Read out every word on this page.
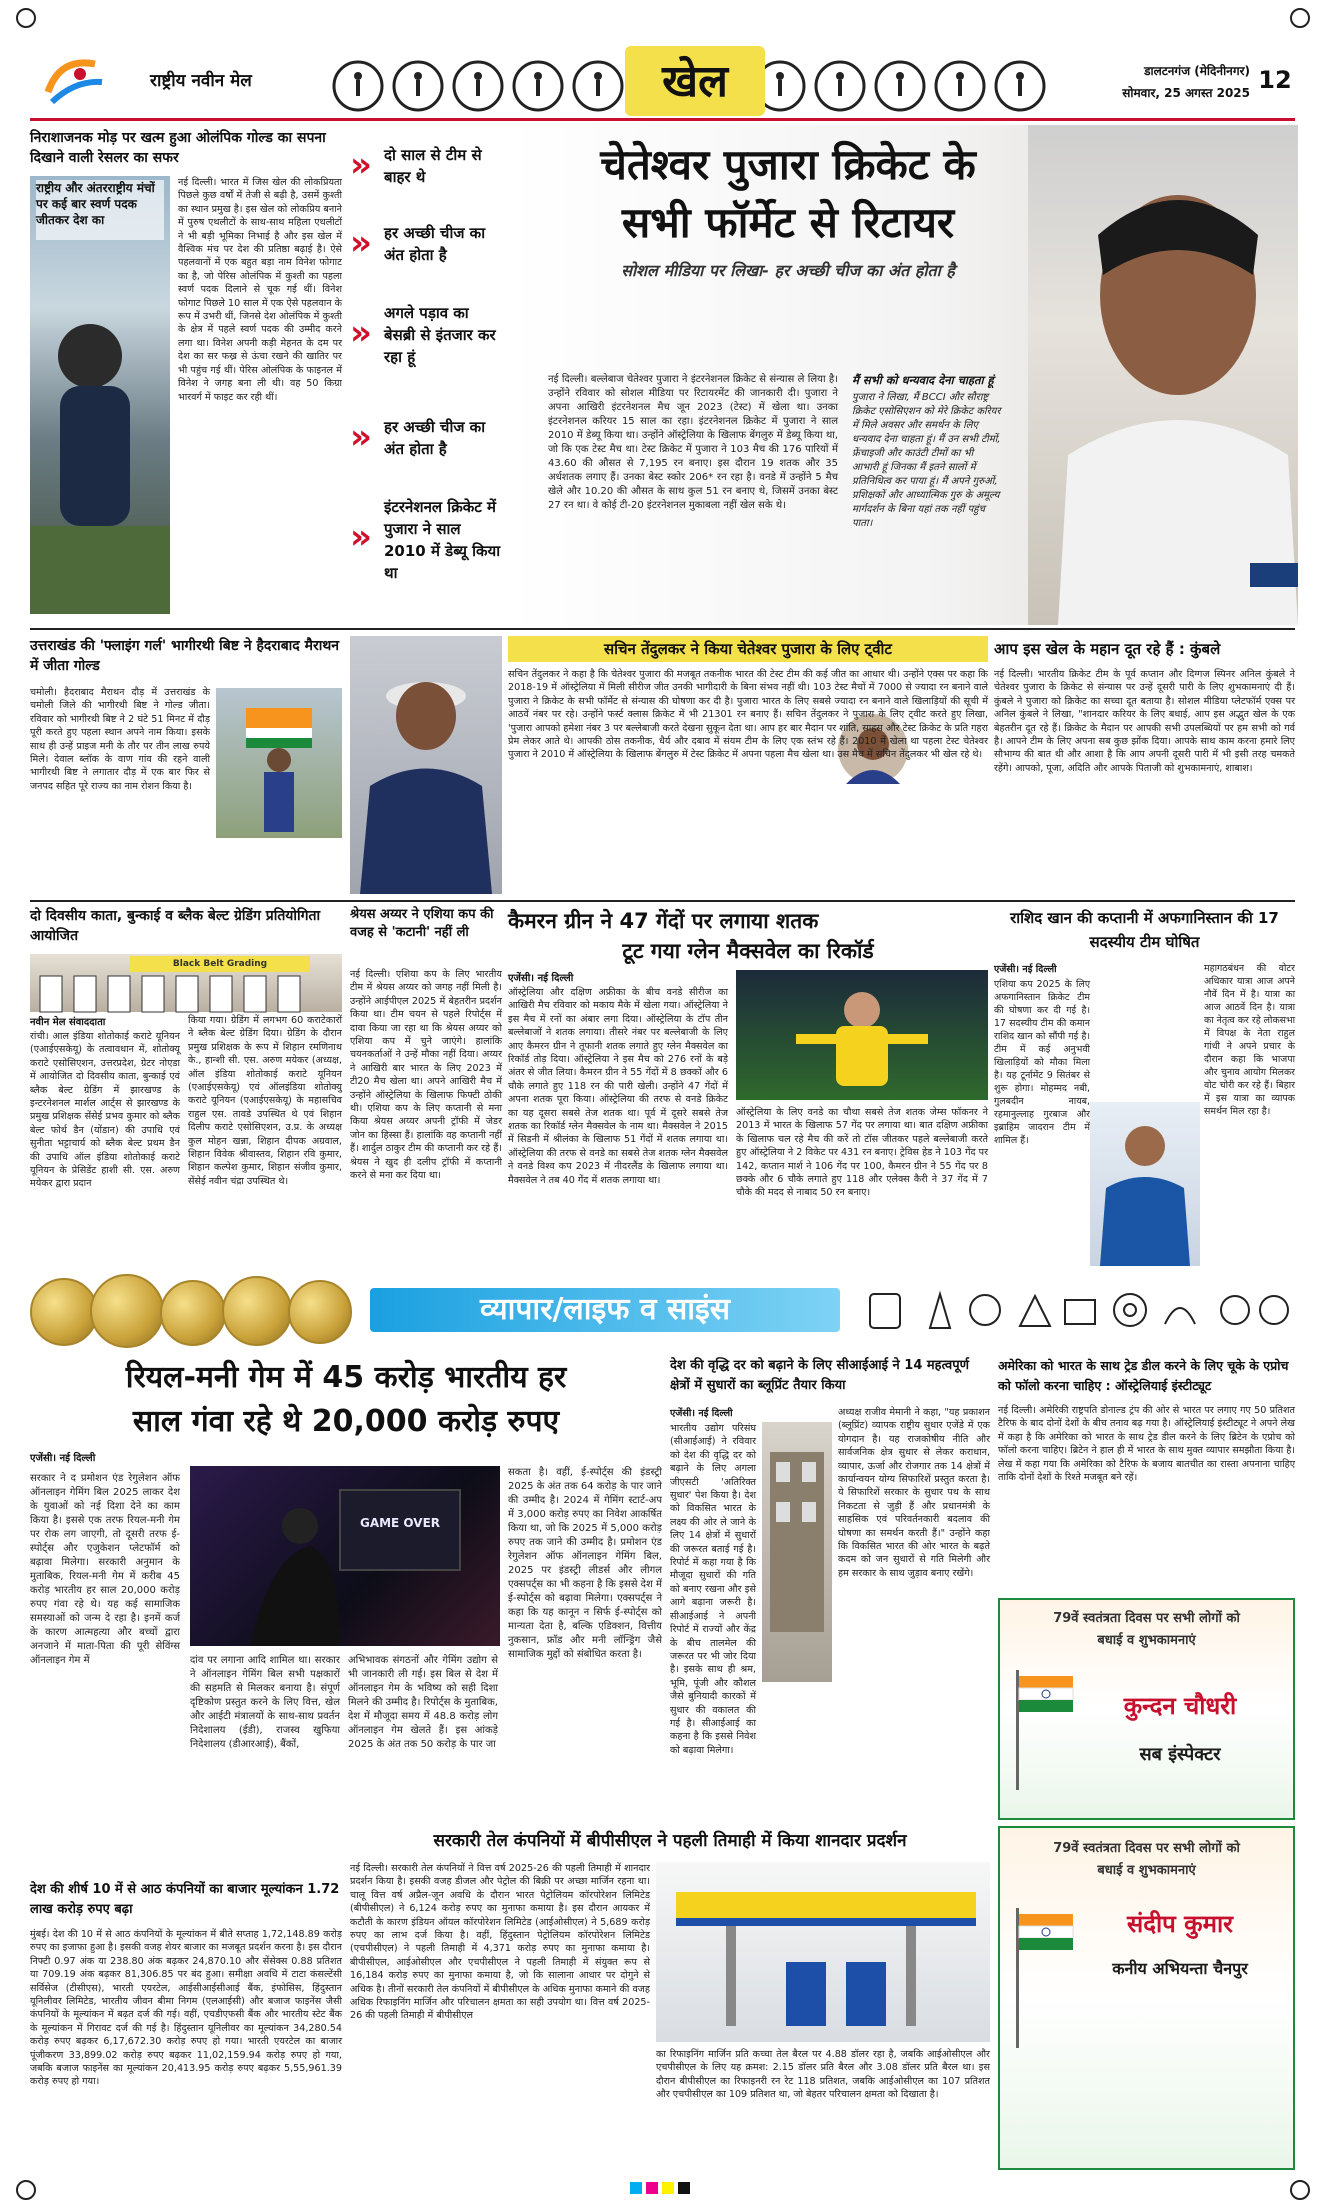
राष्ट्रीय नवीन मेल	खेल	डालटनगंज (मेदिनीनगर)
सोमवार, 25 अगस्त 2025 12
निराशाजनक मोड़ पर खत्म हुआ ओलंपिक गोल्ड का सपना दिखाने वाली रेसलर का सफर
राष्ट्रीय और अंतरराष्ट्रीय मंचों पर कई बार स्वर्ण पदक जीतकर देश का
नई दिल्ली। भारत में जिस खेल की लोकप्रियता पिछले कुछ वर्षों में तेजी से बढ़ी है, उसमें कुश्ती का स्थान प्रमुख है। इस खेल को लोकप्रिय बनाने में पुरुष एथलीटों के साथ-साथ महिला एथलीटों ने भी बड़ी भूमिका निभाई है और इस खेल में वैश्विक मंच पर देश की प्रतिष्ठा बढ़ाई है। ऐसे पहलवानों में एक बहुत बड़ा नाम विनेश फोगाट का है, जो पेरिस ओलंपिक में कुश्ती का पहला स्वर्ण पदक दिलाने से चूक गई थीं। विनेश फोगाट पिछले 10 साल में एक ऐसे पहलवान के रूप में उभरी थीं, जिनसे देश ओलंपिक में कुश्ती के क्षेत्र में पहले स्वर्ण पदक की उम्मीद करने लगा था। विनेश अपनी कड़ी मेहनत के दम पर देश का सर फख्र से ऊंचा रखने की खातिर पर भी पहुंच गई थीं। पेरिस ओलंपिक के फाइनल में विनेश ने जगह बना ली थी। वह 50 किग्रा भारवर्ग में फाइट कर रही थीं।
» दो साल से टीम से बाहर थे
» हर अच्छी चीज का अंत होता है
» अगले पड़ाव का बेसब्री से इंतजार कर रहा हूं
» हर अच्छी चीज का अंत होता है
»
इंटरनेशनल क्रिकेट में पुजारा ने साल 2010 में डेब्यू किया था
चेतेश्वर पुजारा क्रिकेट के
सभी फॉर्मेट से रिटायर
सोशल मीडिया पर लिखा- हर अच्छी चीज का अंत होता है
नई दिल्ली। बल्लेबाज चेतेश्वर पुजारा ने इंटरनेशनल क्रिकेट से संन्यास ले लिया है। उन्होंने रविवार को सोशल मीडिया पर रिटायरमेंट की जानकारी दी। पुजारा ने अपना आखिरी इंटरनेशनल मैच जून 2023 (टेस्ट) में खेला था। उनका इंटरनेशनल करियर 15 साल का रहा। इंटरनेशनल क्रिकेट में पुजारा ने साल 2010 में डेब्यू किया था। उन्होंने ऑस्ट्रेलिया के खिलाफ बेंगलुरु में डेब्यू किया था, जो कि एक टेस्ट मैच था। टेस्ट क्रिकेट में पुजारा ने 103 मैच की 176 पारियों में 43.60 की औसत से 7,195 रन बनाए। इस दौरान 19 शतक और 35 अर्धशतक लगाए हैं। उनका बेस्ट स्कोर 206* रन रहा है। वनडे में उन्होंने 5 मैच खेले और 10.20 की औसत के साथ कुल 51 रन बनाए थे, जिसमें उनका बेस्ट 27 रन था। वे कोई टी-20 इंटरनेशनल मुकाबला नहीं खेल सके थे।
मैं सभी को धन्यवाद देना चाहता हूं
पुजारा ने लिखा, मैं BCCI और सौराष्ट्र क्रिकेट एसोसिएशन को मेरे क्रिकेट करियर में मिले अवसर और समर्थन के लिए धन्यवाद देना चाहता हूं। मैं उन सभी टीमों, फ्रेंचाइजी और काउंटी टीमों का भी आभारी हूं जिनका मैं इतने सालों में प्रतिनिधित्व कर पाया हूं। मैं अपने गुरुओं, प्रशिक्षकों और आध्यात्मिक गुरु के अमूल्य मार्गदर्शन के बिना यहां तक नहीं पहुंच पाता।
उत्तराखंड की 'फ्लाइंग गर्ल' भागीरथी बिष्ट ने हैदराबाद मैराथन में जीता गोल्ड
चमोली। हैदराबाद मैराथन दौड़ में उत्तराखंड के चमोली जिले की भागीरथी बिष्ट ने गोल्ड जीता। रविवार को भागीरथी बिष्ट ने 2 घंटे 51 मिनट में दौड़ पूरी करते हुए पहला स्थान अपने नाम किया। इसके साथ ही उन्हें प्राइज मनी के तौर पर तीन लाख रुपये मिले। देवाल ब्लॉक के वाण गांव की रहने वाली भागीरथी बिष्ट ने लगातार दौड़ में एक बार फिर से जनपद सहित पूरे राज्य का नाम रोशन किया है।
सचिन तेंदुलकर ने किया चेतेश्वर पुजारा के लिए ट्वीट
सचिन तेंदुलकर ने कहा है कि चेतेश्वर पुजारा की मजबूत तकनीक भारत की टेस्ट टीम की कई जीत का आधार थी। उन्होंने एक्स पर कहा कि 2018-19 में ऑस्ट्रेलिया में मिली सीरीज जीत उनकी भागीदारी के बिना संभव नहीं थी। 103 टेस्ट मैचों में 7000 से ज्यादा रन बनाने वाले पुजारा ने क्रिकेट के सभी फॉर्मेट से संन्यास की घोषणा कर दी है। पुजारा भारत के लिए सबसे ज्यादा रन बनाने वाले खिलाड़ियों की सूची में आठवें नंबर पर रहे। उन्होंने फर्स्ट क्लास क्रिकेट में भी 21301 रन बनाए हैं। सचिन तेंदुलकर ने पुजारा के लिए ट्वीट करते हुए लिखा, 'पुजारा आपको हमेशा नंबर 3 पर बल्लेबाजी करते देखना सुकून देता था। आप हर बार मैदान पर शांति, साहस और टेस्ट क्रिकेट के प्रति गहरा प्रेम लेकर आते थे। आपकी ठोस तकनीक, धैर्य और दबाव में संयम टीम के लिए एक स्तंभ रहे हैं। 2010 में खेला था पहला टेस्ट चेतेश्वर पुजारा ने 2010 में ऑस्ट्रेलिया के खिलाफ बेंगलुरु में टेस्ट क्रिकेट में अपना पहला मैच खेला था। उस मैच में सचिन तेंदुलकर भी खेल रहे थे।
आप इस खेल के महान दूत रहे हैं : कुंबले
नई दिल्ली। भारतीय क्रिकेट टीम के पूर्व कप्तान और दिग्गज स्पिनर अनिल कुंबले ने चेतेश्वर पुजारा के क्रिकेट से संन्यास पर उन्हें दूसरी पारी के लिए शुभकामनाएं दी हैं। कुंबले ने पुजारा को क्रिकेट का सच्चा दूत बताया है। सोशल मीडिया प्लेटफॉर्म एक्स पर अनिल कुंबले ने लिखा, "शानदार करियर के लिए बधाई, आप इस अद्भुत खेल के एक बेहतरीन दूत रहे हैं। क्रिकेट के मैदान पर आपकी सभी उपलब्धियों पर हम सभी को गर्व है। आपने टीम के लिए अपना सब कुछ झोंक दिया। आपके साथ काम करना हमारे लिए सौभाग्य की बात थी और आशा है कि आप अपनी दूसरी पारी में भी इसी तरह चमकते रहेंगे। आपको, पूजा, अदिति और आपके पिताजी को शुभकामनाएं, शाबाश।
दो दिवसीय काता, बुन्काई व ब्लैक बेल्ट ग्रेडिंग प्रतियोगिता आयोजित
Black Belt Grading
नवीन मेल संवाददाता
रांची। आल इंडिया शोतोकाई कराटे यूनियन (एआईएसकेयू) के तत्वावधान में, शोतोक्यू कराटे एसोसिएशन, उत्तरप्रदेश, ग्रेटर नोएडा में आयोजित दो दिवसीय काता, बुन्काई एवं ब्लैक बेल्ट ग्रेडिंग में झारखण्ड के इन्टरनेशनल मार्शल आर्ट्स से झारखण्ड के प्रमुख प्रशिक्षक सेंसेई प्रभव कुमार को ब्लैक बेल्ट फोर्थ डैन (योंडान) की उपाधि एवं सुनीता भट्टाचार्य को ब्लैक बेल्ट प्रथम डैन की उपाधि ऑल इंडिया शोतोकाई कराटे यूनियन के प्रेसिडेंट हाशी सी. एस. अरुण मयेकर द्वारा प्रदान
किया गया। ग्रेडिंग में लगभग 60 कराटेकारों ने ब्लैक बेल्ट ग्रेडिंग दिया। ग्रेडिंग के दौरान प्रमुख प्रशिक्षक के रूप में शिहान रमणिनाथ के., हान्शी सी. एस. अरुण मयेकर (अध्यक्ष, ऑल इंडिया शोतोकाई कराटे यूनियन (एआईएसकेयू) एवं ऑलइंडिया शोतोक्यु कराटे यूनियन (एआईएसकेयू) के महासचिव राहुल एस. तावडे उपस्थित थे एवं शिहान दिलीप कराटे एसोसिएशन, उ.प्र. के अध्यक्ष कुल मोहन खन्ना, शिहान दीपक अग्रवाल, शिहान विवेक श्रीवास्तव, शिहान रवि कुमार, शिहान कल्पेश कुमार, शिहान संजीव कुमार, सेंसेई नवीन चंद्रा उपस्थित थे।
श्रेयस अय्यर ने एशिया कप की वजह से 'कटानी' नहीं ली
नई दिल्ली। एशिया कप के लिए भारतीय टीम में श्रेयस अय्यर को जगह नहीं मिली है। उन्होंने आईपीएल 2025 में बेहतरीन प्रदर्शन किया था। टीम चयन से पहले रिपोर्ट्स में दावा किया जा रहा था कि श्रेयस अय्यर को एशिया कप में चुने जाएंगे। हालांकि चयनकर्ताओं ने उन्हें मौका नहीं दिया। अय्यर ने आखिरी बार भारत के लिए 2023 में टी20 मैच खेला था। अपने आखिरी मैच में उन्होंने ऑस्ट्रेलिया के खिलाफ फिफ्टी ठोकी थी। एशिया कप के लिए कप्तानी से मना किया श्रेयस अय्यर अपनी ट्रॉफी में जेडर जोन का हिस्सा हैं। हालांकि वह कप्तानी नहीं हैं। शार्दुल ठाकुर टीम की कप्तानी कर रहे हैं। श्रेयस ने खुद ही दलीप ट्रॉफी में कप्तानी करने से मना कर दिया था।
कैमरन ग्रीन ने 47 गेंदों पर लगाया शतक
टूट गया ग्लेन मैक्सवेल का रिकॉर्ड
एजेंसी। नई दिल्ली
ऑस्ट्रेलिया और दक्षिण अफ्रीका के बीच वनडे सीरीज का आखिरी मैच रविवार को मकाय मैके में खेला गया। ऑस्ट्रेलिया ने इस मैच में रनों का अंबार लगा दिया। ऑस्ट्रेलिया के टॉप तीन बल्लेबाजों ने शतक लगाया। तीसरे नंबर पर बल्लेबाजी के लिए आए कैमरन ग्रीन ने तूफानी शतक लगाते हुए ग्लेन मैक्सवेल का रिकॉर्ड तोड़ दिया। ऑस्ट्रेलिया ने इस मैच को 276 रनों के बड़े अंतर से जीत लिया। कैमरन ग्रीन ने 55 गेंदों में 8 छक्कों और 6 चौके लगाते हुए 118 रन की पारी खेली। उन्होंने 47 गेंदों में अपना शतक पूरा किया। ऑस्ट्रेलिया की तरफ से वनडे क्रिकेट का यह दूसरा सबसे तेज शतक था। पूर्व में दूसरे सबसे तेज शतक का रिकॉर्ड ग्लेन मैक्सवेल के नाम था। मैक्सवेल ने 2015 में सिडनी में श्रीलंका के खिलाफ 51 गेंदों में शतक लगाया था। ऑस्ट्रेलिया की तरफ से वनडे का सबसे तेज शतक ग्लेन मैक्सवेल ने वनडे विश्व कप 2023 में नीदरलैंड के खिलाफ लगाया था। मैक्सवेल ने तब 40 गेंद में शतक लगाया था।
ऑस्ट्रेलिया के लिए वनडे का चौथा सबसे तेज शतक जेम्स फॉकनर ने 2013 में भारत के खिलाफ 57 गेंद पर लगाया था। बात दक्षिण अफ्रीका के खिलाफ चल रहे मैच की करें तो टॉस जीतकर पहले बल्लेबाजी करते हुए ऑस्ट्रेलिया ने 2 विकेट पर 431 रन बनाए। ट्रेविस हेड ने 103 गेंद पर 142, कप्तान मार्श ने 106 गेंद पर 100, कैमरन ग्रीन ने 55 गेंद पर 8 छक्के और 6 चौके लगाते हुए 118 और एलेक्स कैरी ने 37 गेंद में 7 चौके की मदद से नाबाद 50 रन बनाए।
राशिद खान की कप्तानी में अफगानिस्तान की 17 सदस्यीय टीम घोषित
एजेंसी। नई दिल्ली
एशिया कप 2025 के लिए अफगानिस्तान क्रिकेट टीम की घोषणा कर दी गई है। 17 सदस्यीय टीम की कमान राशिद खान को सौंपी गई है। टीम में कई अनुभवी खिलाड़ियों को मौका मिला है। यह टूर्नामेंट 9 सितंबर से शुरू होगा। मोहम्मद नबी, गुलबदीन नायब, रहमानुल्लाह गुरबाज और इब्राहिम जादरान टीम में शामिल हैं।
महागठबंधन की वोटर अधिकार यात्रा आज अपने नौवें दिन में है। यात्रा का आज आठवें दिन है। यात्रा का नेतृत्व कर रहे लोकसभा में विपक्ष के नेता राहुल गांधी ने अपने प्रचार के दौरान कहा कि भाजपा और चुनाव आयोग मिलकर वोट चोरी कर रहे हैं। बिहार में इस यात्रा का व्यापक समर्थन मिल रहा है।
व्यापार/लाइफ व साइंस
रियल-मनी गेम में 45 करोड़ भारतीय हर
साल गंवा रहे थे 20,000 करोड़ रुपए
एजेंसी। नई दिल्ली
सरकार ने द प्रमोशन एंड रेगुलेशन ऑफ ऑनलाइन गेमिंग बिल 2025 लाकर देश के युवाओं को नई दिशा देने का काम किया है। इससे एक तरफ रियल-मनी गेम पर रोक लग जाएगी, तो दूसरी तरफ ई-स्पोर्ट्स और एजुकेशन प्लेटफॉर्म को बढ़ावा मिलेगा। सरकारी अनुमान के मुताबिक, रियल-मनी गेम में करीब 45 करोड़ भारतीय हर साल 20,000 करोड़ रुपए गंवा रहे थे। यह कई सामाजिक समस्याओं को जन्म दे रहा है। इनमें कर्ज के कारण आत्महत्या और बच्चों द्वारा अनजाने में माता-पिता की पूरी सेविंग्स ऑनलाइन गेम में
GAME OVER
दांव पर लगाना आदि शामिल था। सरकार ने ऑनलाइन गेमिंग बिल सभी पक्षकारों की सहमति से मिलकर बनाया है। संपूर्ण दृष्टिकोण प्रस्तुत करने के लिए वित्त, खेल और आईटी मंत्रालयों के साथ-साथ प्रवर्तन निदेशालय (ईडी), राजस्व खुफिया निदेशालय (डीआरआई), बैंकों,
अभिभावक संगठनों और गेमिंग उद्योग से भी जानकारी ली गई। इस बिल से देश में ऑनलाइन गेम के भविष्य को सही दिशा मिलने की उम्मीद है। रिपोर्ट्स के मुताबिक, देश में मौजूदा समय में 48.8 करोड़ लोग ऑनलाइन गेम खेलते हैं। इस आंकड़े 2025 के अंत तक 50 करोड़ के पार जा
सकता है। वहीं, ई-स्पोर्ट्स की इंडस्ट्री 2025 के अंत तक 64 करोड़ के पार जाने की उम्मीद है। 2024 में गेमिंग स्टार्ट-अप में 3,000 करोड़ रुपए का निवेश आकर्षित किया था, जो कि 2025 में 5,000 करोड़ रुपए तक जाने की उम्मीद है। प्रमोशन एंड रेगुलेशन ऑफ ऑनलाइन गेमिंग बिल, 2025 पर इंडस्ट्री लीडर्स और लीगल एक्सपर्ट्स का भी कहना है कि इससे देश में ई-स्पोर्ट्स को बढ़ावा मिलेगा। एक्सपर्ट्स ने कहा कि यह कानून न सिर्फ ई-स्पोर्ट्स को मान्यता देता है, बल्कि एडिक्शन, वित्तीय नुकसान, फ्रॉड और मनी लॉन्ड्रिंग जैसे सामाजिक मुद्दों को संबोधित करता है।
देश की वृद्धि दर को बढ़ाने के लिए सीआईआई ने 14 महत्वपूर्ण क्षेत्रों में सुधारों का ब्लूप्रिंट तैयार किया
एजेंसी। नई दिल्ली
भारतीय उद्योग परिसंघ (सीआईआई) ने रविवार को देश की वृद्धि दर को बढ़ाने के लिए अगला जीएसटी 'अतिरिक्त सुधार' पेश किया है। देश को विकसित भारत के लक्ष्य की ओर ले जाने के लिए 14 क्षेत्रों में सुधारों की जरूरत बताई गई है। रिपोर्ट में कहा गया है कि मौजूदा सुधारों की गति को बनाए रखना और इसे आगे बढ़ाना जरूरी है। सीआईआई ने अपनी रिपोर्ट में राज्यों और केंद्र के बीच तालमेल की जरूरत पर भी जोर दिया है। इसके साथ ही श्रम, भूमि, पूंजी और कौशल जैसे बुनियादी कारकों में सुधार की वकालत की गई है। सीआईआई का कहना है कि इससे निवेश को बढ़ावा मिलेगा।
अध्यक्ष राजीव मेमानी ने कहा, "यह प्रकाशन (ब्लूप्रिंट) व्यापक राष्ट्रीय सुधार एजेंडे में एक योगदान है। यह राजकोषीय नीति और सार्वजनिक क्षेत्र सुधार से लेकर कराधान, व्यापार, ऊर्जा और रोजगार तक 14 क्षेत्रों में कार्यान्वयन योग्य सिफारिशें प्रस्तुत करता है। ये सिफारिशें सरकार के सुधार पथ के साथ निकटता से जुड़ी हैं और प्रधानमंत्री के साहसिक एवं परिवर्तनकारी बदलाव की घोषणा का समर्थन करती हैं।" उन्होंने कहा कि विकसित भारत की ओर भारत के बढ़ते कदम को जन सुधारों से गति मिलेगी और हम सरकार के साथ जुड़ाव बनाए रखेंगे।
अमेरिका को भारत के साथ ट्रेड डील करने के लिए चूके के एप्रोच को फॉलो करना चाहिए : ऑस्ट्रेलियाई इंस्टीट्यूट
नई दिल्ली। अमेरिकी राष्ट्रपति डोनाल्ड ट्रंप की ओर से भारत पर लगाए गए 50 प्रतिशत टैरिफ के बाद दोनों देशों के बीच तनाव बढ़ गया है। ऑस्ट्रेलियाई इंस्टीट्यूट ने अपने लेख में कहा है कि अमेरिका को भारत के साथ ट्रेड डील करने के लिए ब्रिटेन के एप्रोच को फॉलो करना चाहिए। ब्रिटेन ने हाल ही में भारत के साथ मुक्त व्यापार समझौता किया है। लेख में कहा गया कि अमेरिका को टैरिफ के बजाय बातचीत का रास्ता अपनाना चाहिए ताकि दोनों देशों के रिश्ते मजबूत बने रहें।
79वें स्वतंत्रता दिवस पर सभी लोगों को
बधाई व शुभकामनाएं
कुन्दन चौधरी
सब इंस्पेक्टर
देश की शीर्ष 10 में से आठ कंपनियों का बाजार मूल्यांकन 1.72 लाख करोड़ रुपए बढ़ा
मुंबई। देश की 10 में से आठ कंपनियों के मूल्यांकन में बीते सप्ताह 1,72,148.89 करोड़ रुपए का इजाफा हुआ है। इसकी वजह शेयर बाजार का मजबूत प्रदर्शन करना है। इस दौरान निफ्टी 0.97 अंक या 238.80 अंक बढ़कर 24,870.10 और सेंसेक्स 0.88 प्रतिशत या 709.19 अंक बढ़कर 81,306.85 पर बंद हुआ। समीक्षा अवधि में टाटा कंसल्टेंसी सर्विसेज (टीसीएस), भारती एयरटेल, आईसीआईसीआई बैंक, इंफोसिस, हिंदुस्तान यूनिलीवर लिमिटेड, भारतीय जीवन बीमा निगम (एलआईसी) और बजाज फाइनेंस जैसी कंपनियों के मूल्यांकन में बढ़त दर्ज की गई। वहीं, एचडीएफसी बैंक और भारतीय स्टेट बैंक के मूल्यांकन में गिरावट दर्ज की गई है। हिंदुस्तान यूनिलीवर का मूल्यांकन 34,280.54 करोड़ रुपए बढ़कर 6,17,672.30 करोड़ रुपए हो गया। भारती एयरटेल का बाजार पूंजीकरण 33,899.02 करोड़ रुपए बढ़कर 11,02,159.94 करोड़ रुपए हो गया, जबकि बजाज फाइनेंस का मूल्यांकन 20,413.95 करोड़ रुपए बढ़कर 5,55,961.39 करोड़ रुपए हो गया।
सरकारी तेल कंपनियों में बीपीसीएल ने पहली तिमाही में किया शानदार प्रदर्शन
नई दिल्ली। सरकारी तेल कंपनियों ने वित्त वर्ष 2025-26 की पहली तिमाही में शानदार प्रदर्शन किया है। इसकी वजह डीजल और पेट्रोल की बिक्री पर अच्छा मार्जिन रहना था। चालू वित्त वर्ष अप्रैल-जून अवधि के दौरान भारत पेट्रोलियम कॉरपोरेशन लिमिटेड (बीपीसीएल) ने 6,124 करोड़ रुपए का मुनाफा कमाया है। इस दौरान आयकर में कटौती के कारण इंडियन ऑयल कॉरपोरेशन लिमिटेड (आईओसीएल) ने 5,689 करोड़ रुपए का लाभ दर्ज किया है। वहीं, हिंदुस्तान पेट्रोलियम कॉरपोरेशन लिमिटेड (एचपीसीएल) ने पहली तिमाही में 4,371 करोड़ रुपए का मुनाफा कमाया है। बीपीसीएल, आईओसीएल और एचपीसीएल ने पहली तिमाही में संयुक्त रूप से 16,184 करोड़ रुपए का मुनाफा कमाया है, जो कि सालाना आधार पर दोगुने से अधिक है। तीनों सरकारी तेल कंपनियों में बीपीसीएल के अधिक मुनाफा कमाने की वजह अधिक रिफाइनिंग मार्जिन और परिचालन क्षमता का सही उपयोग था। वित्त वर्ष 2025-26 की पहली तिमाही में बीपीसीएल
का रिफाइनिंग मार्जिन प्रति कच्चा तेल बैरल पर 4.88 डॉलर रहा है, जबकि आईओसीएल और एचपीसीएल के लिए यह क्रमश: 2.15 डॉलर प्रति बैरल और 3.08 डॉलर प्रति बैरल था। इस दौरान बीपीसीएल का रिफाइनरी रन रेट 118 प्रतिशत, जबकि आईओसीएल का 107 प्रतिशत और एचपीसीएल का 109 प्रतिशत था, जो बेहतर परिचालन क्षमता को दिखाता है।
79वें स्वतंत्रता दिवस पर सभी लोगों को
बधाई व शुभकामनाएं
संदीप कुमार
कनीय अभियन्ता चैनपुर
